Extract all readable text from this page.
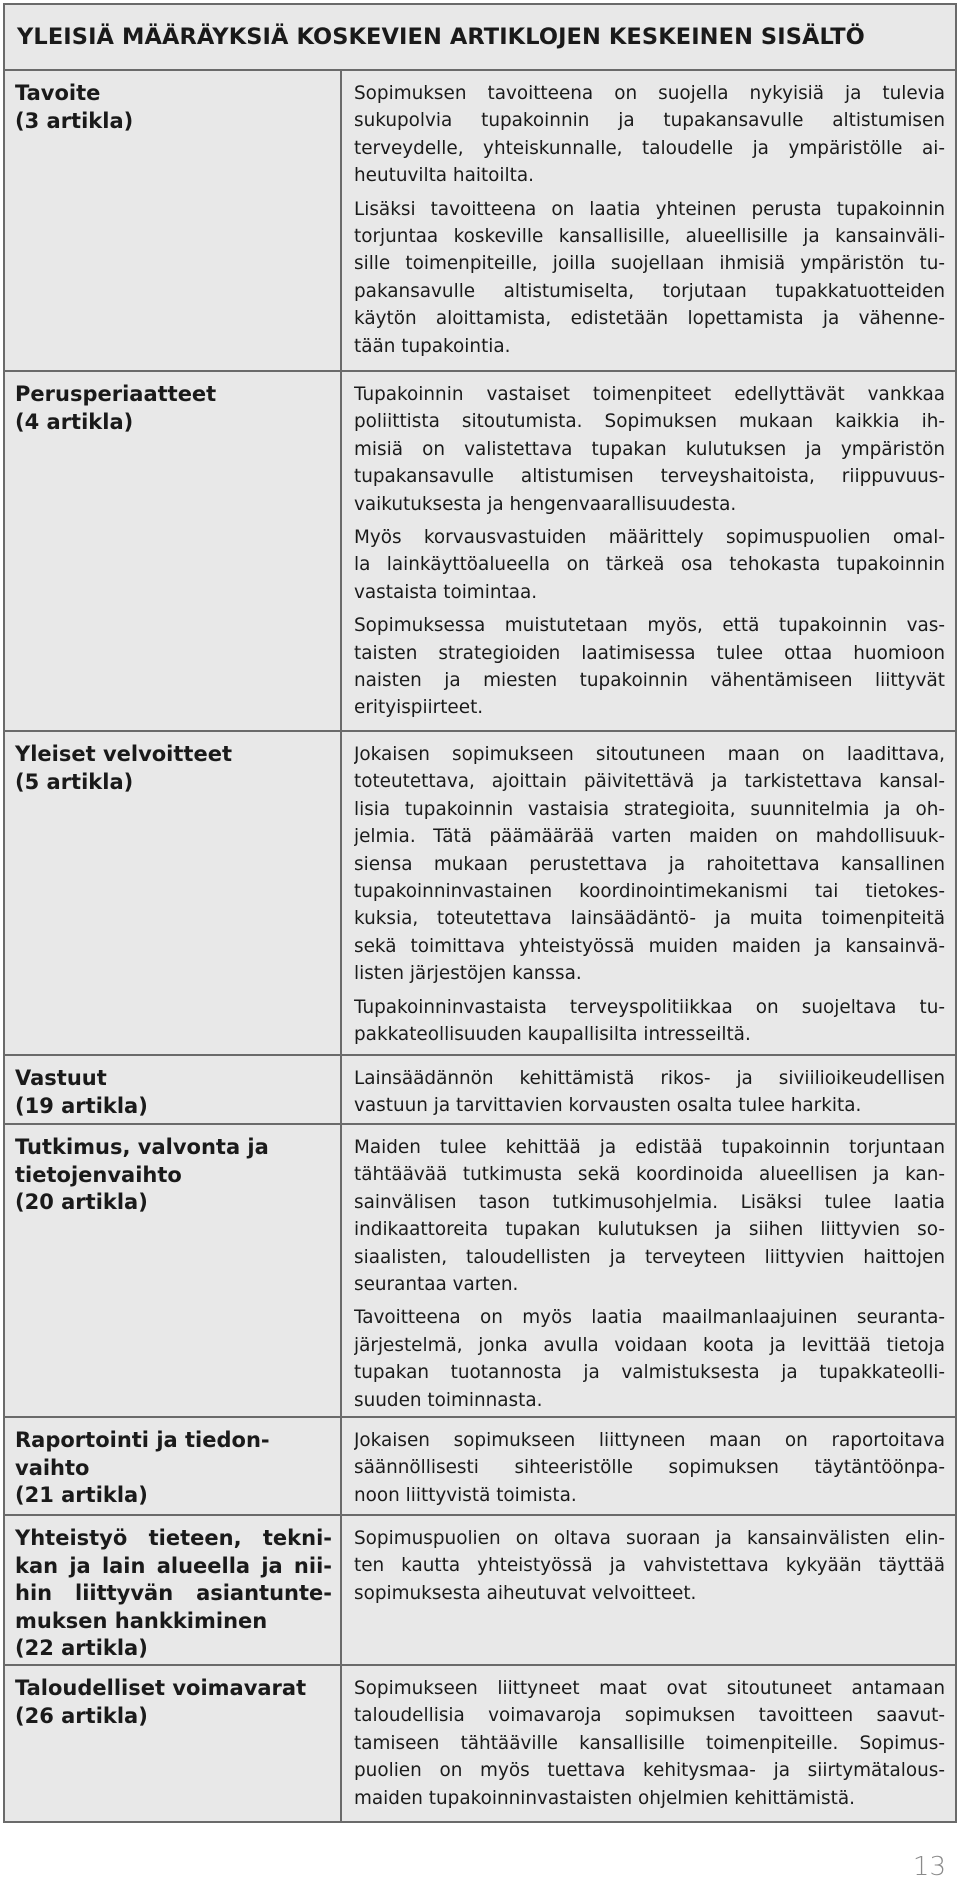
YLEISIÄ MÄÄRÄYKSIÄ KOSKEVIEN ARTIKLOJEN KESKEINEN SISÄLTÖ
Tavoite
(3 artikla)
Sopimuksen tavoitteena on suojella nykyisiä ja tulevia
sukupolvia tupakoinnin ja tupakansavulle altistumisen
terveydelle, yhteiskunnalle, taloudelle ja ympäristölle ai-
heutuvilta haitoilta.
Lisäksi tavoitteena on laatia yhteinen perusta tupakoinnin
torjuntaa koskeville kansallisille, alueellisille ja kansainväli-
sille toimenpiteille, joilla suojellaan ihmisiä ympäristön tu-
pakansavulle altistumiselta, torjutaan tupakkatuotteiden
käytön aloittamista, edistetään lopettamista ja vähenne-
tään tupakointia.
Perusperiaatteet
(4 artikla)
Tupakoinnin vastaiset toimenpiteet edellyttävät vankkaa
poliittista sitoutumista. Sopimuksen mukaan kaikkia ih-
misiä on valistettava tupakan kulutuksen ja ympäristön
tupakansavulle altistumisen terveyshaitoista, riippuvuus-
vaikutuksesta ja hengenvaarallisuudesta.
Myös korvausvastuiden määrittely sopimuspuolien omal-
la lainkäyttöalueella on tärkeä osa tehokasta tupakoinnin
vastaista toimintaa.
Sopimuksessa muistutetaan myös, että tupakoinnin vas-
taisten strategioiden laatimisessa tulee ottaa huomioon
naisten ja miesten tupakoinnin vähentämiseen liittyvät
erityispiirteet.
Yleiset velvoitteet
(5 artikla)
Jokaisen sopimukseen sitoutuneen maan on laadittava,
toteutettava, ajoittain päivitettävä ja tarkistettava kansal-
lisia tupakoinnin vastaisia strategioita, suunnitelmia ja oh-
jelmia. Tätä päämäärää varten maiden on mahdollisuuk-
siensa mukaan perustettava ja rahoitettava kansallinen
tupakoinninvastainen koordinointimekanismi tai tietokes-
kuksia, toteutettava lainsäädäntö- ja muita toimenpiteitä
sekä toimittava yhteistyössä muiden maiden ja kansainvä-
listen järjestöjen kanssa.
Tupakoinninvastaista terveyspolitiikkaa on suojeltava tu-
pakkateollisuuden kaupallisilta intresseiltä.
Vastuut
(19 artikla)
Lainsäädännön kehittämistä rikos- ja siviilioikeudellisen
vastuun ja tarvittavien korvausten osalta tulee harkita.
Tutkimus, valvonta ja
tietojenvaihto
(20 artikla)
Maiden tulee kehittää ja edistää tupakoinnin torjuntaan
tähtäävää tutkimusta sekä koordinoida alueellisen ja kan-
sainvälisen tason tutkimusohjelmia. Lisäksi tulee laatia
indikaattoreita tupakan kulutuksen ja siihen liittyvien so-
siaalisten, taloudellisten ja terveyteen liittyvien haittojen
seurantaa varten.
Tavoitteena on myös laatia maailmanlaajuinen seuranta-
järjestelmä, jonka avulla voidaan koota ja levittää tietoja
tupakan tuotannosta ja valmistuksesta ja tupakkateolli-
suuden toiminnasta.
Raportointi ja tiedon-
vaihto
(21 artikla)
Jokaisen sopimukseen liittyneen maan on raportoitava
säännöllisesti sihteeristölle sopimuksen täytäntöönpa-
noon liittyvistä toimista.
Yhteistyö tieteen, tekni-
kan ja lain alueella ja nii-
hin liittyvän asiantunte-
muksen hankkiminen
(22 artikla)
Sopimuspuolien on oltava suoraan ja kansainvälisten elin-
ten kautta yhteistyössä ja vahvistettava kykyään täyttää
sopimuksesta aiheutuvat velvoitteet.
Taloudelliset voimavarat
(26 artikla)
Sopimukseen liittyneet maat ovat sitoutuneet antamaan
taloudellisia voimavaroja sopimuksen tavoitteen saavut-
tamiseen tähtääville kansallisille toimenpiteille. Sopimus-
puolien on myös tuettava kehitysmaa- ja siirtymätalous-
maiden tupakoinninvastaisten ohjelmien kehittämistä.
13
